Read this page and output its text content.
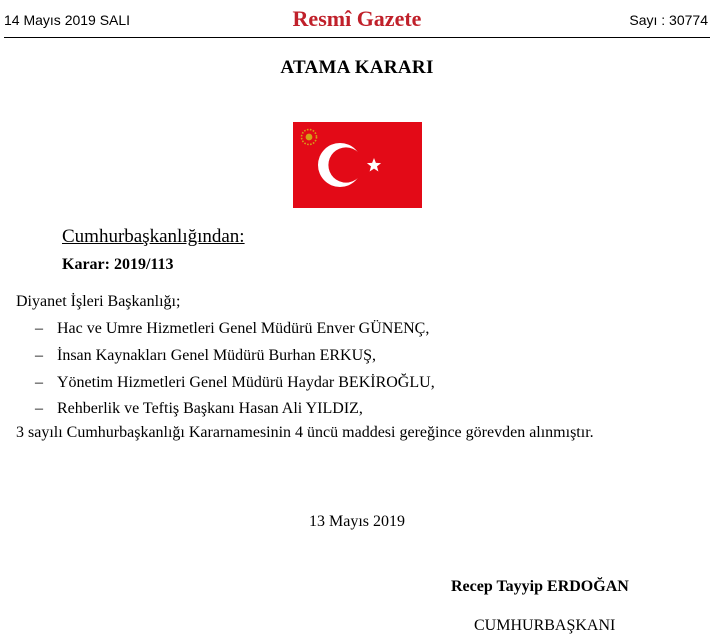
14 Mayıs 2019 SALI	Resmî Gazete	Sayı : 30774
ATAMA KARARI
Cumhurbaşkanlığından:
Karar: 2019/113
Diyanet İşleri Başkanlığı;
– Hac ve Umre Hizmetleri Genel Müdürü Enver GÜNENÇ,
– İnsan Kaynakları Genel Müdürü Burhan ERKUŞ,
– Yönetim Hizmetleri Genel Müdürü Haydar BEKİROĞLU,
– Rehberlik ve Teftiş Başkanı Hasan Ali YILDIZ,
3 sayılı Cumhurbaşkanlığı Kararnamesinin 4 üncü maddesi gereğince görevden alınmıştır.
13 Mayıs 2019
Recep Tayyip ERDOĞAN
CUMHURBAŞKANI
